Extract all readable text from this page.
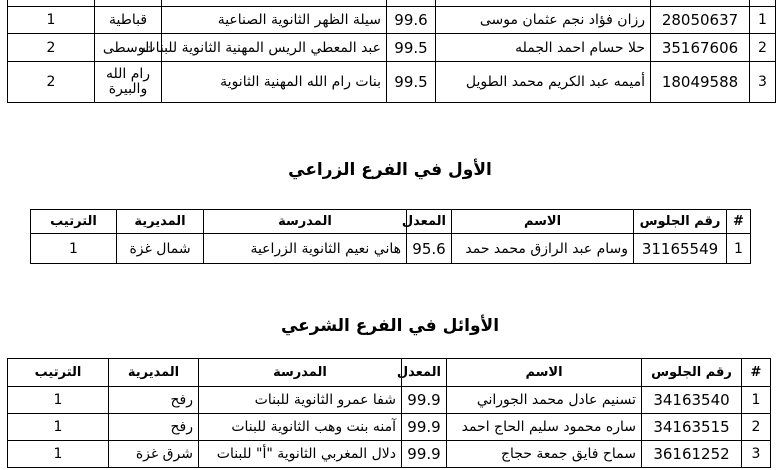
1	28050637	رزان فؤاد نجم عثمان موسى	99.6	سيلة الظهر الثانوية الصناعية	قباطية	1
2	35167606	حلا حسام احمد الجمله	99.5	عبد المعطي الريس المهنية الثانوية للبنات	الوسطى	2
3	18049588	أميمه عبد الكريم محمد الطويل	99.5	بنات رام الله المهنية الثانوية	رام الله والبيرة	2
الأول في الفرع الزراعي
#	رقم الجلوس	الاسم	المعدل	المدرسة	المديرية	الترتيب
1	31165549	وسام عبد الرازق محمد حمد	95.6	هاني نعيم الثانوية الزراعية	شمال غزة	1
الأوائل في الفرع الشرعي
#	رقم الجلوس	الاسم	المعدل	المدرسة	المديرية	الترتيب
1	34163540	تسنيم عادل محمد الجوراني	99.9	شفا عمرو الثانوية للبنات	رفح	1
2	34163515	ساره محمود سليم الحاج احمد	99.9	آمنه بنت وهب الثانوية للبنات	رفح	1
3	36161252	سماح فايق جمعة حجاج	99.9	دلال المغربي الثانوية "أ" للبنات	شرق غزة	1
